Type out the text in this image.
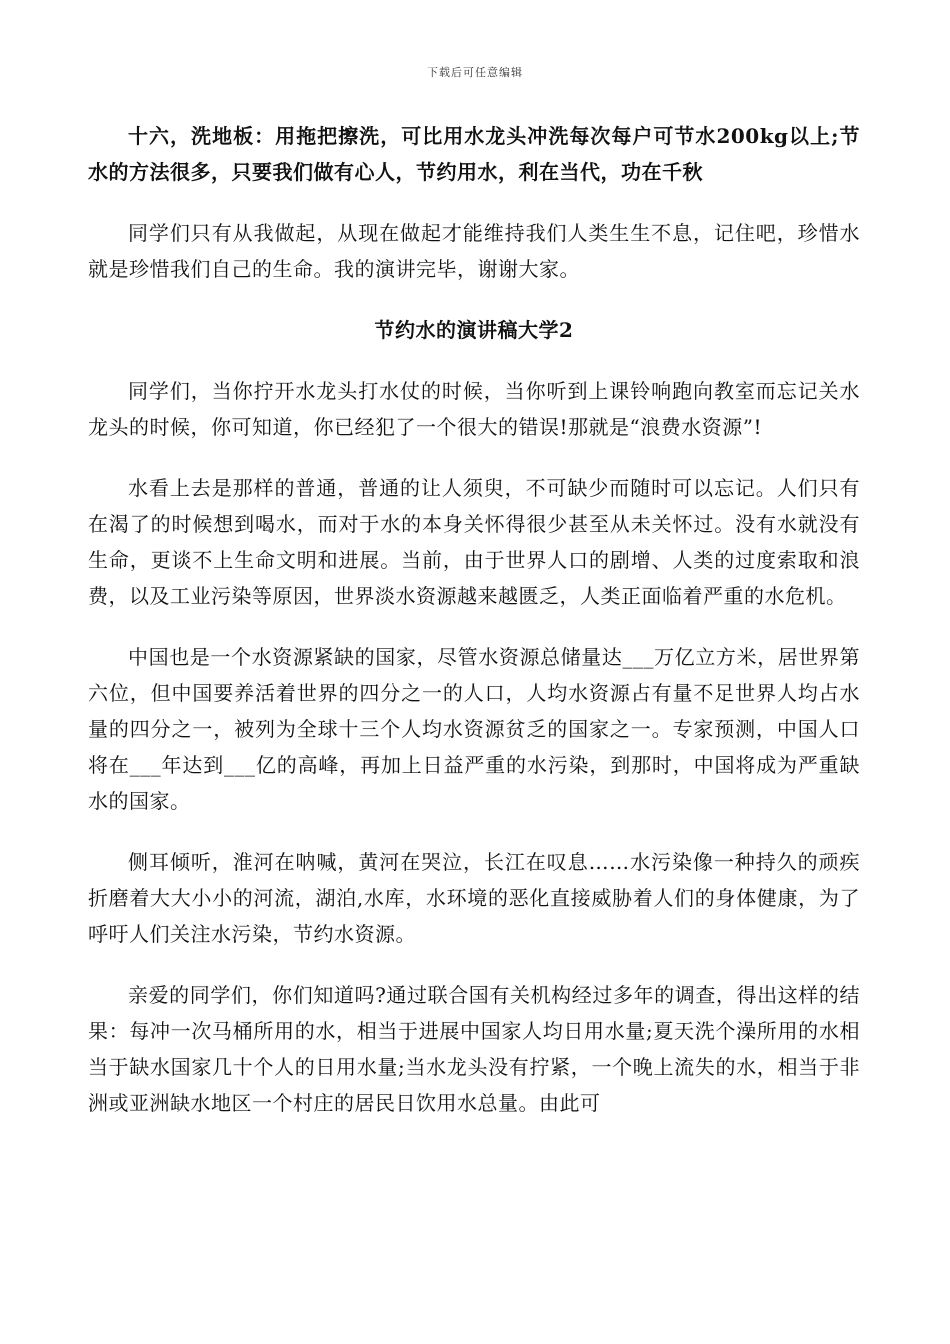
下载后可任意编辑

十六，洗地板：用拖把擦洗，可比用水龙头冲洗每次每户可节水200kg以上;节水的方法很多，只要我们做有心人，节约用水，利在当代，功在千秋

同学们只有从我做起，从现在做起才能维持我们人类生生不息，记住吧，珍惜水就是珍惜我们自己的生命。我的演讲完毕，谢谢大家。

节约水的演讲稿大学2

同学们，当你拧开水龙头打水仗的时候，当你听到上课铃响跑向教室而忘记关水龙头的时候，你可知道，你已经犯了一个很大的错误!那就是“浪费水资源”!

水看上去是那样的普通，普通的让人须臾，不可缺少而随时可以忘记。人们只有在渴了的时候想到喝水，而对于水的本身关怀得很少甚至从未关怀过。没有水就没有生命，更谈不上生命文明和进展。当前，由于世界人口的剧增、人类的过度索取和浪费，以及工业污染等原因，世界淡水资源越来越匮乏，人类正面临着严重的水危机。

中国也是一个水资源紧缺的国家，尽管水资源总储量达___万亿立方米，居世界第六位，但中国要养活着世界的四分之一的人口，人均水资源占有量不足世界人均占水量的四分之一，被列为全球十三个人均水资源贫乏的国家之一。专家预测，中国人口将在___年达到___亿的高峰，再加上日益严重的水污染，到那时，中国将成为严重缺水的国家。

侧耳倾听，淮河在呐喊，黄河在哭泣，长江在叹息……水污染像一种持久的顽疾折磨着大大小小的河流，湖泊,水库，水环境的恶化直接威胁着人们的身体健康，为了呼吁人们关注水污染，节约水资源。

亲爱的同学们，你们知道吗?通过联合国有关机构经过多年的调查，得出这样的结果：每冲一次马桶所用的水，相当于进展中国家人均日用水量;夏天洗个澡所用的水相当于缺水国家几十个人的日用水量;当水龙头没有拧紧，一个晚上流失的水，相当于非洲或亚洲缺水地区一个村庄的居民日饮用水总量。由此可
